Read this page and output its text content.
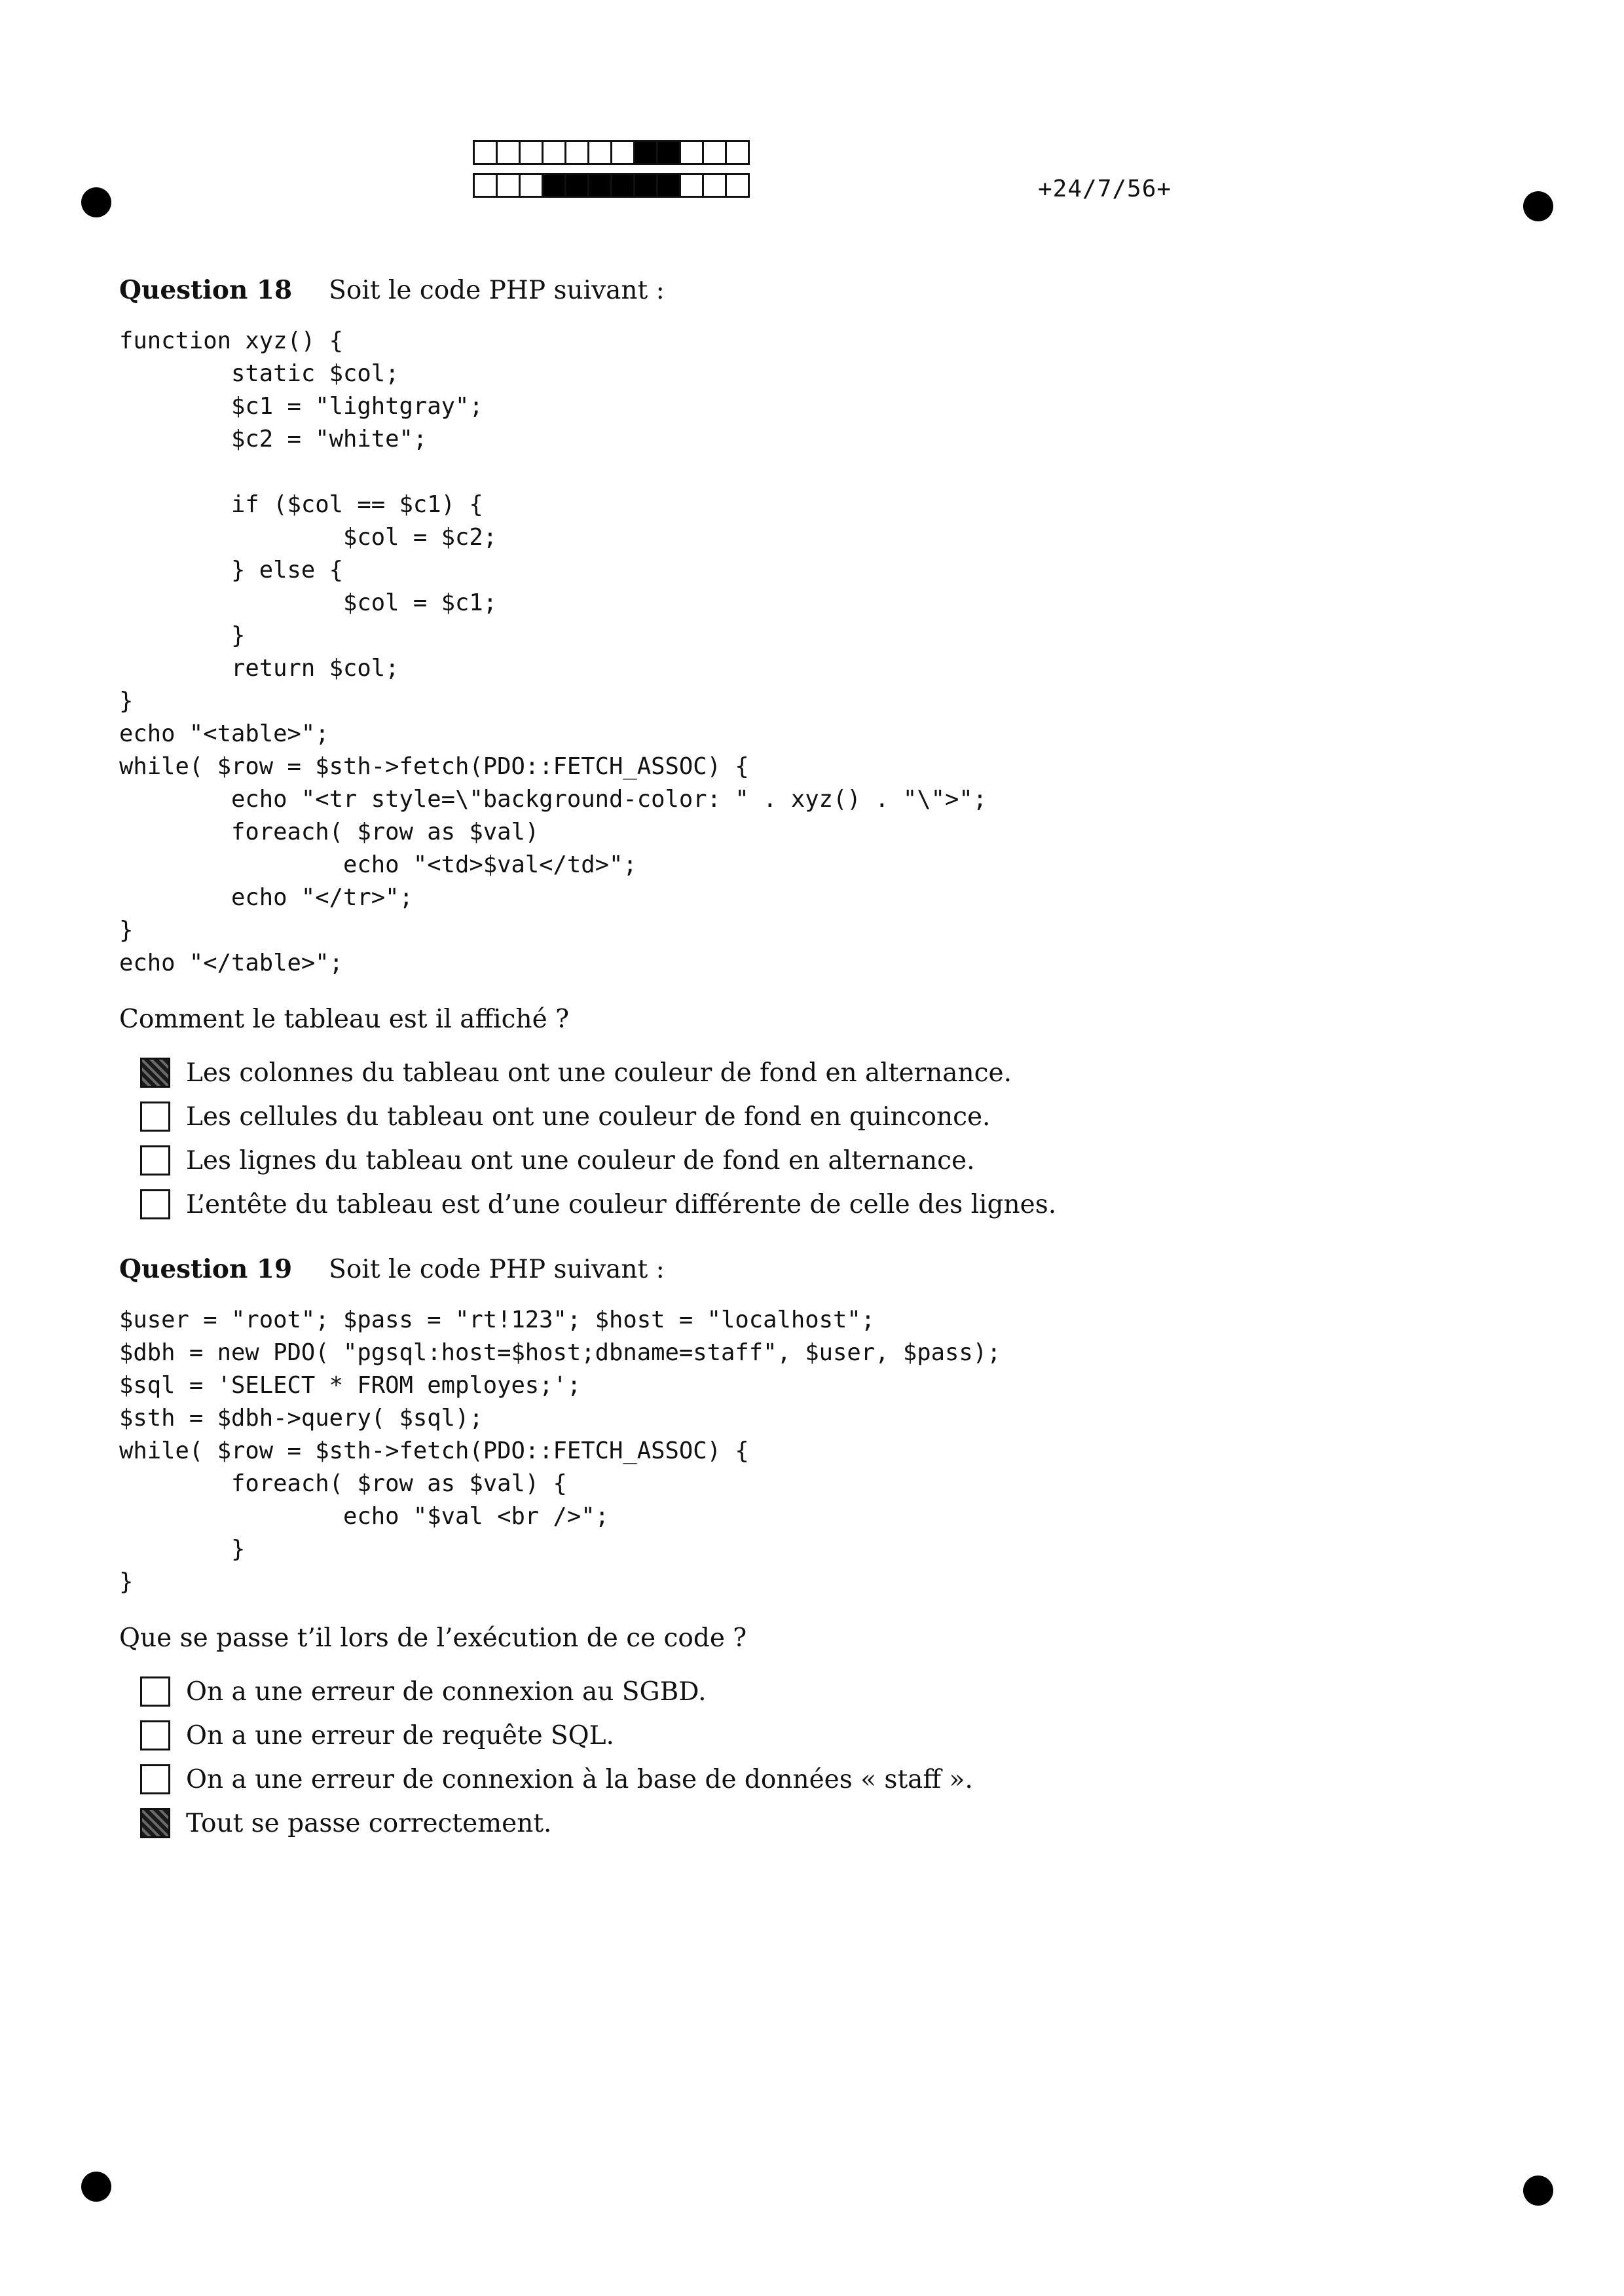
+24/7/56+

Question 18 Soit le code PHP suivant :

function xyz() {
static $col;
$c1 = "lightgray";
$c2 = "white";

if ($col == $c1) {
$col = $c2;
} else {
$col = $c1;
}
return $col;
}
echo "<table>";
while( $row = $sth->fetch(PDO::FETCH_ASSOC) {
echo "<tr style=\"background-color: " . xyz() . "\">";
foreach( $row as $val)
echo "<td>$val</td>";
echo "</tr>";
}
echo "</table>";

Comment le tableau est il affiché ?

Les colonnes du tableau ont une couleur de fond en alternance.
Les cellules du tableau ont une couleur de fond en quinconce.
Les lignes du tableau ont une couleur de fond en alternance.
L’entête du tableau est d’une couleur différente de celle des lignes.

Question 19 Soit le code PHP suivant :

$user = "root"; $pass = "rt!123"; $host = "localhost";
$dbh = new PDO( "pgsql:host=$host;dbname=staff", $user, $pass);
$sql = 'SELECT * FROM employes;';
$sth = $dbh->query( $sql);
while( $row = $sth->fetch(PDO::FETCH_ASSOC) {
foreach( $row as $val) {
echo "$val <br />";
}
}

Que se passe t’il lors de l’exécution de ce code ?

On a une erreur de connexion au SGBD.
On a une erreur de requête SQL.
On a une erreur de connexion à la base de données « staff ».
Tout se passe correctement.
